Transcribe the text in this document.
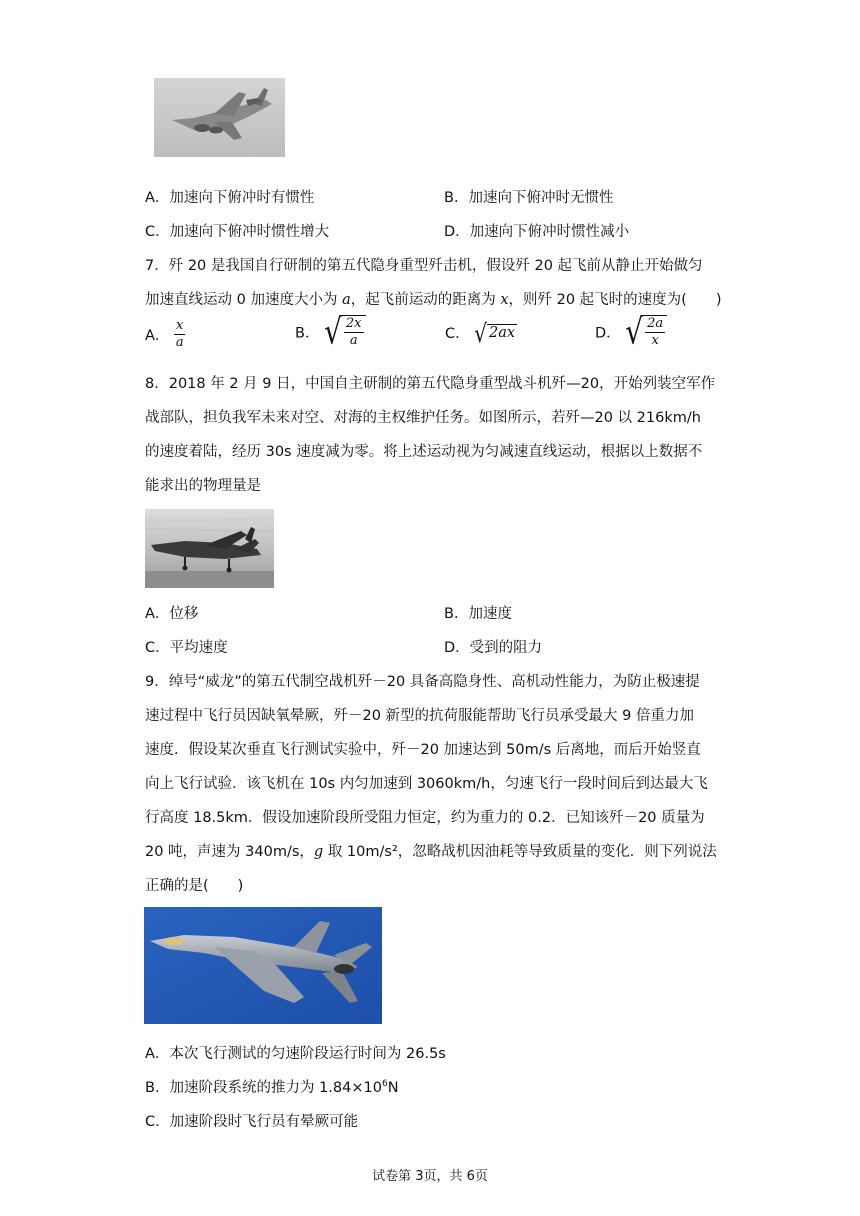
A．加速向下俯冲时有惯性	B．加速向下俯冲时无惯性
C．加速向下俯冲时惯性增大	D．加速向下俯冲时惯性减小
7．歼 20 是我国自行研制的第五代隐身重型歼击机，假设歼 20 起飞前从静止开始做匀
加速直线运动 0 加速度大小为 a，起飞前运动的距离为 x，则歼 20 起飞时的速度为(　　)
A． $\frac{x}{a}$	B． √ $\frac{2x}{a}$	C． √ 2ax	D． √ $\frac{2a}{x}$
8．2018 年 2 月 9 日，中国自主研制的第五代隐身重型战斗机歼—20，开始列装空军作
战部队，担负我军未来对空、对海的主权维护任务。如图所示，若歼—20 以 216km/h
的速度着陆，经历 30s 速度减为零。将上述运动视为匀减速直线运动，根据以上数据不
能求出的物理量是
A．位移	B．加速度
C．平均速度	D．受到的阻力
9．绰号“威龙”的第五代制空战机歼－20 具备高隐身性、高机动性能力，为防止极速提
速过程中飞行员因缺氧晕厥，歼－20 新型的抗荷服能帮助飞行员承受最大 9 倍重力加
速度．假设某次垂直飞行测试实验中，歼－20 加速达到 50m/s 后离地，而后开始竖直
向上飞行试验．该飞机在 10s 内匀加速到 3060km/h，匀速飞行一段时间后到达最大飞
行高度 18.5km．假设加速阶段所受阻力恒定，约为重力的 0.2．已知该歼－20 质量为
20 吨，声速为 340m/s，g 取 10m/s²，忽略战机因油耗等导致质量的变化．则下列说法
正确的是(　　)
A．本次飞行测试的匀速阶段运行时间为 26.5s
B．加速阶段系统的推力为 $1.84\times 10^6N$
C．加速阶段时飞行员有晕厥可能
试卷第 3页，共 6页
